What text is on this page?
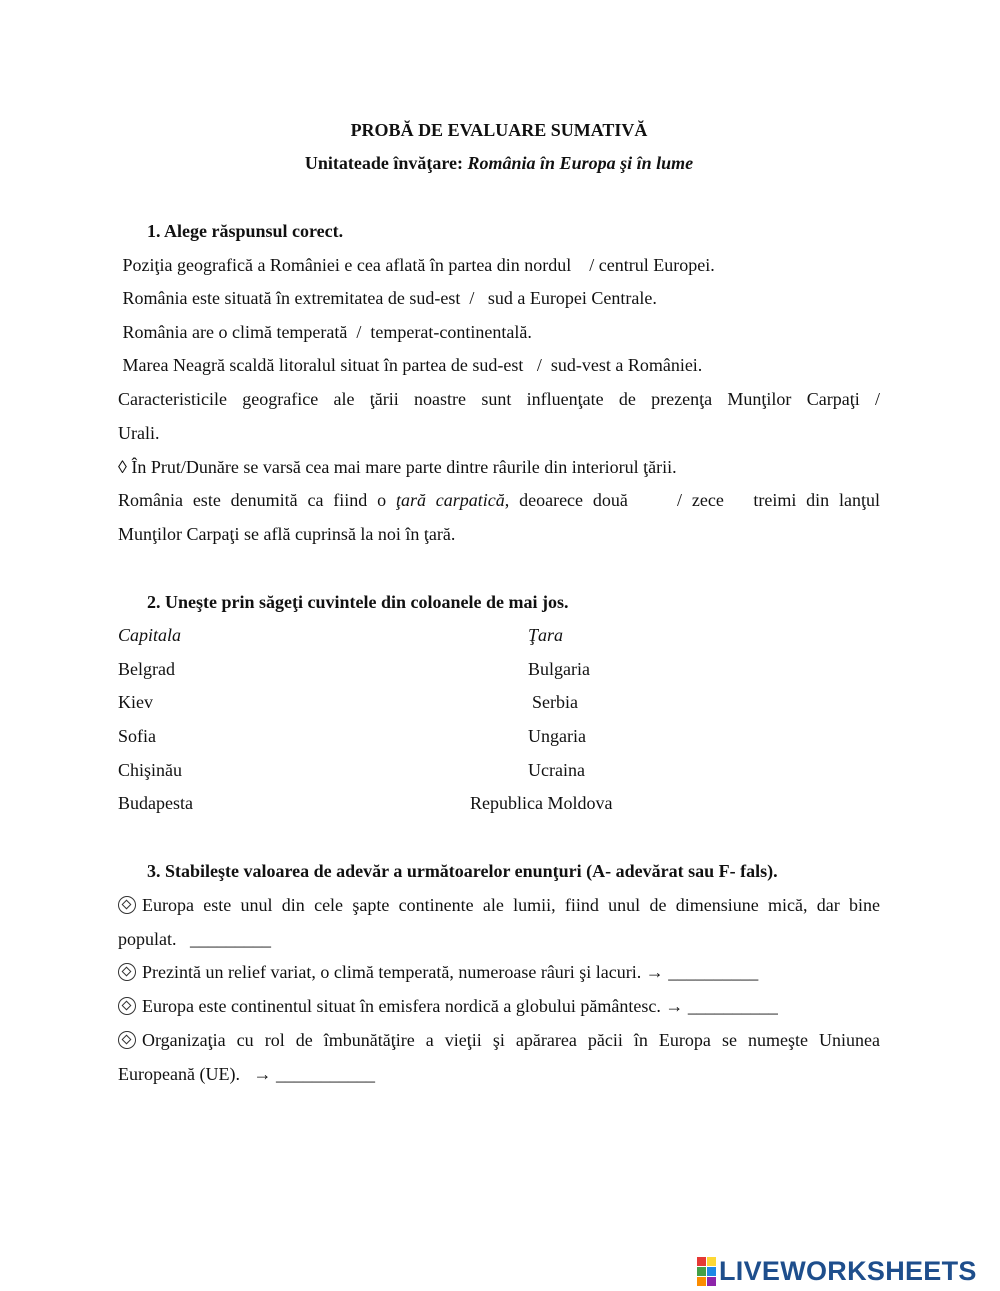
PROBĂ DE EVALUARE SUMATIVĂ
Unitateade învăţare: România în Europa şi în lume
1. Alege răspunsul corect.
Poziţia geografică a României e cea aflată în partea din nordul    / centrul Europei.
România este situată în extremitatea de sud-est  /   sud a Europei Centrale.
România are o climă temperată  /  temperat-continentală.
Marea Neagră scaldă litoralul situat în partea de sud-est   /  sud-vest a României.
Caracteristicile geografice ale ţării noastre sunt influenţate de prezenţa Munţilor Carpaţi /
Urali.
◊ În Prut/Dunăre se varsă cea mai mare parte dintre râurile din interiorul ţării.
România este denumită ca fiind o ţară carpatică, deoarece două     / zece   treimi din lanţul
Munţilor Carpaţi se află cuprinsă la noi în ţară.
2. Uneşte prin săgeţi cuvintele din coloanele de mai jos.
Capitala	Ţara
Belgrad
Kiev
Sofia
Chişinău
Budapesta
Bulgaria
Serbia
Ungaria
Ucraina
Republica Moldova
3. Stabileşte valoarea de adevăr a următoarelor enunţuri (A- adevărat sau F- fals).
Europa este unul din cele şapte continente ale lumii, fiind unul de dimensiune mică, dar bine
populat.   _________
Prezintă un relief variat, o climă temperată, numeroase râuri şi lacuri. → __________
Europa este continentul situat în emisfera nordică a globului pământesc. → __________
Organizaţia cu rol de îmbunătăţire a vieţii şi apărarea păcii în Europa se numeşte Uniunea
Europeană (UE).   → ___________
LIVEWORKSHEETS
